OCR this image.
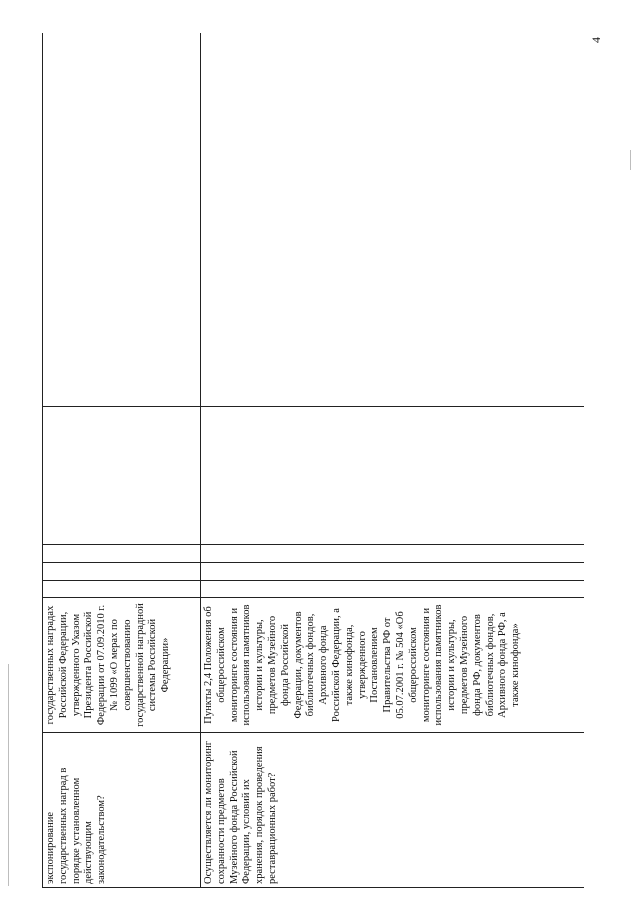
4
экспонирование государственных наград в порядке установленном действующим законодательством?	государственных наградах Российской Федерации, утвержденного Указом Президента Российской Федерации от 07.09.2010 г. № 1099 «О мерах по совершенствованию государственной наградной системы Российской Федерации»					
Осуществляется ли мониторинг сохранности предметов Музейного фонда Российской Федерации, условий их хранения, порядок проведения реставрационных работ?	Пункты 2,4 Положения об общероссийском мониторинге состояния и использования памятников истории и культуры, предметов Музейного фонда Российской Федерации, документов библиотечных фондов, Архивного фонда Российской Федерации, а также кинофонда, утвержденного Постановлением Правительства РФ от 05.07.2001 г. № 504 «Об общероссийском мониторинге состояния и использования памятников истории и культуры, предметов Музейного фонда РФ, документов библиотечных фондов, Архивного фонда РФ, а также кинофонда»					
